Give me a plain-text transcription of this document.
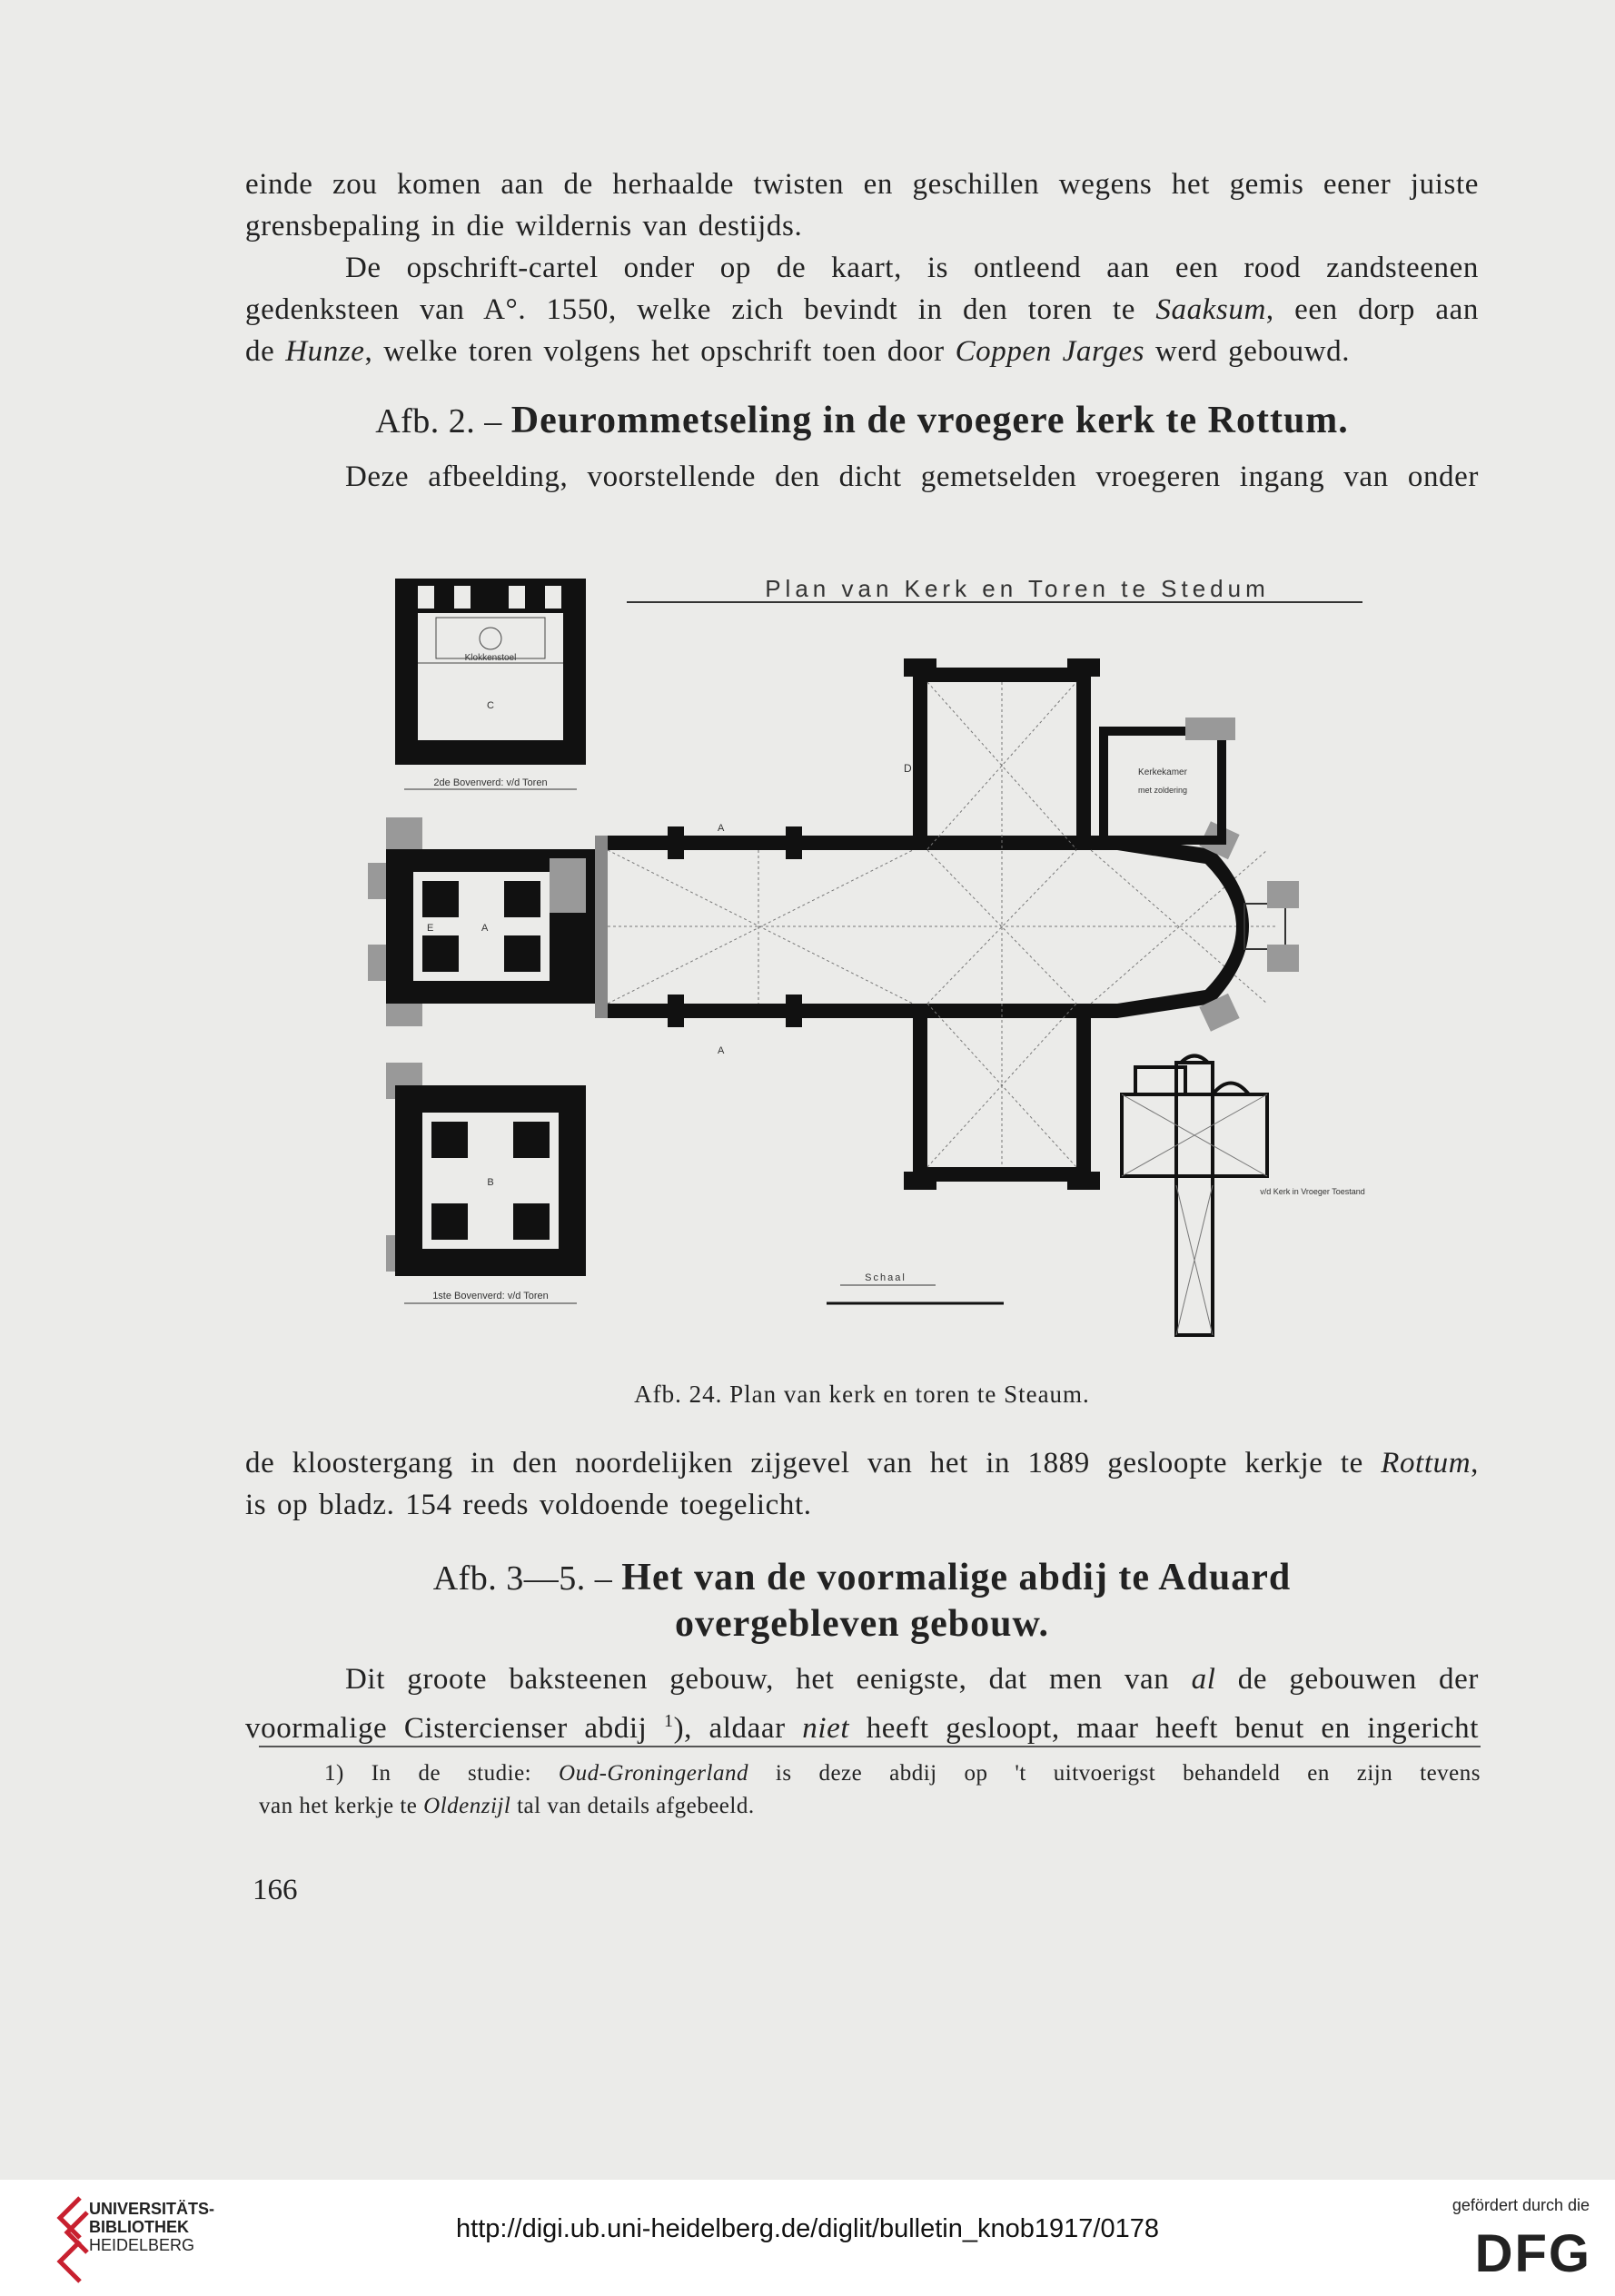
einde zou komen aan de herhaalde twisten en geschillen wegens het gemis eener juiste
grensbepaling in die wildernis van destijds.
De opschrift-cartel onder op de kaart, is ontleend aan een rood zandsteenen
gedenksteen van A°. 1550, welke zich bevindt in den toren te Saaksum, een dorp aan
de Hunze, welke toren volgens het opschrift toen door Coppen Jarges werd gebouwd.
Afb. 2. – Deurommetseling in de vroegere kerk te Rottum.
Deze afbeelding, voorstellende den dicht gemetselden vroegeren ingang van onder
Plan van Kerk en Toren te Stedum
Klokkenstoel
C
2de Bovenverd: v/d Toren
E	A
B
1ste Bovenverd: v/d Toren
Kerkekamer
met zoldering
D
A
A
Schaal
v/d Kerk in Vroeger Toestand
Afb. 24. Plan van kerk en toren te Steaum.
de kloostergang in den noordelijken zijgevel van het in 1889 gesloopte kerkje te Rottum,
is op bladz. 154 reeds voldoende toegelicht.
Afb. 3—5. – Het van de voormalige abdij te Aduard
overgebleven gebouw.
Dit groote baksteenen gebouw, het eenigste, dat men van al de gebouwen der
voormalige Cistercienser abdij $^1$), aldaar niet heeft gesloopt, maar heeft benut en ingericht
1) In de studie: Oud-Groningerland is deze abdij op 't uitvoerigst behandeld en zijn tevens
van het kerkje te Oldenzijl tal van details afgebeeld.
166
UNIVERSITÄTS-
BIBLIOTHEK
HEIDELBERG
http://digi.ub.uni-heidelberg.de/diglit/bulletin_knob1917/0178
gefördert durch die
DFG
